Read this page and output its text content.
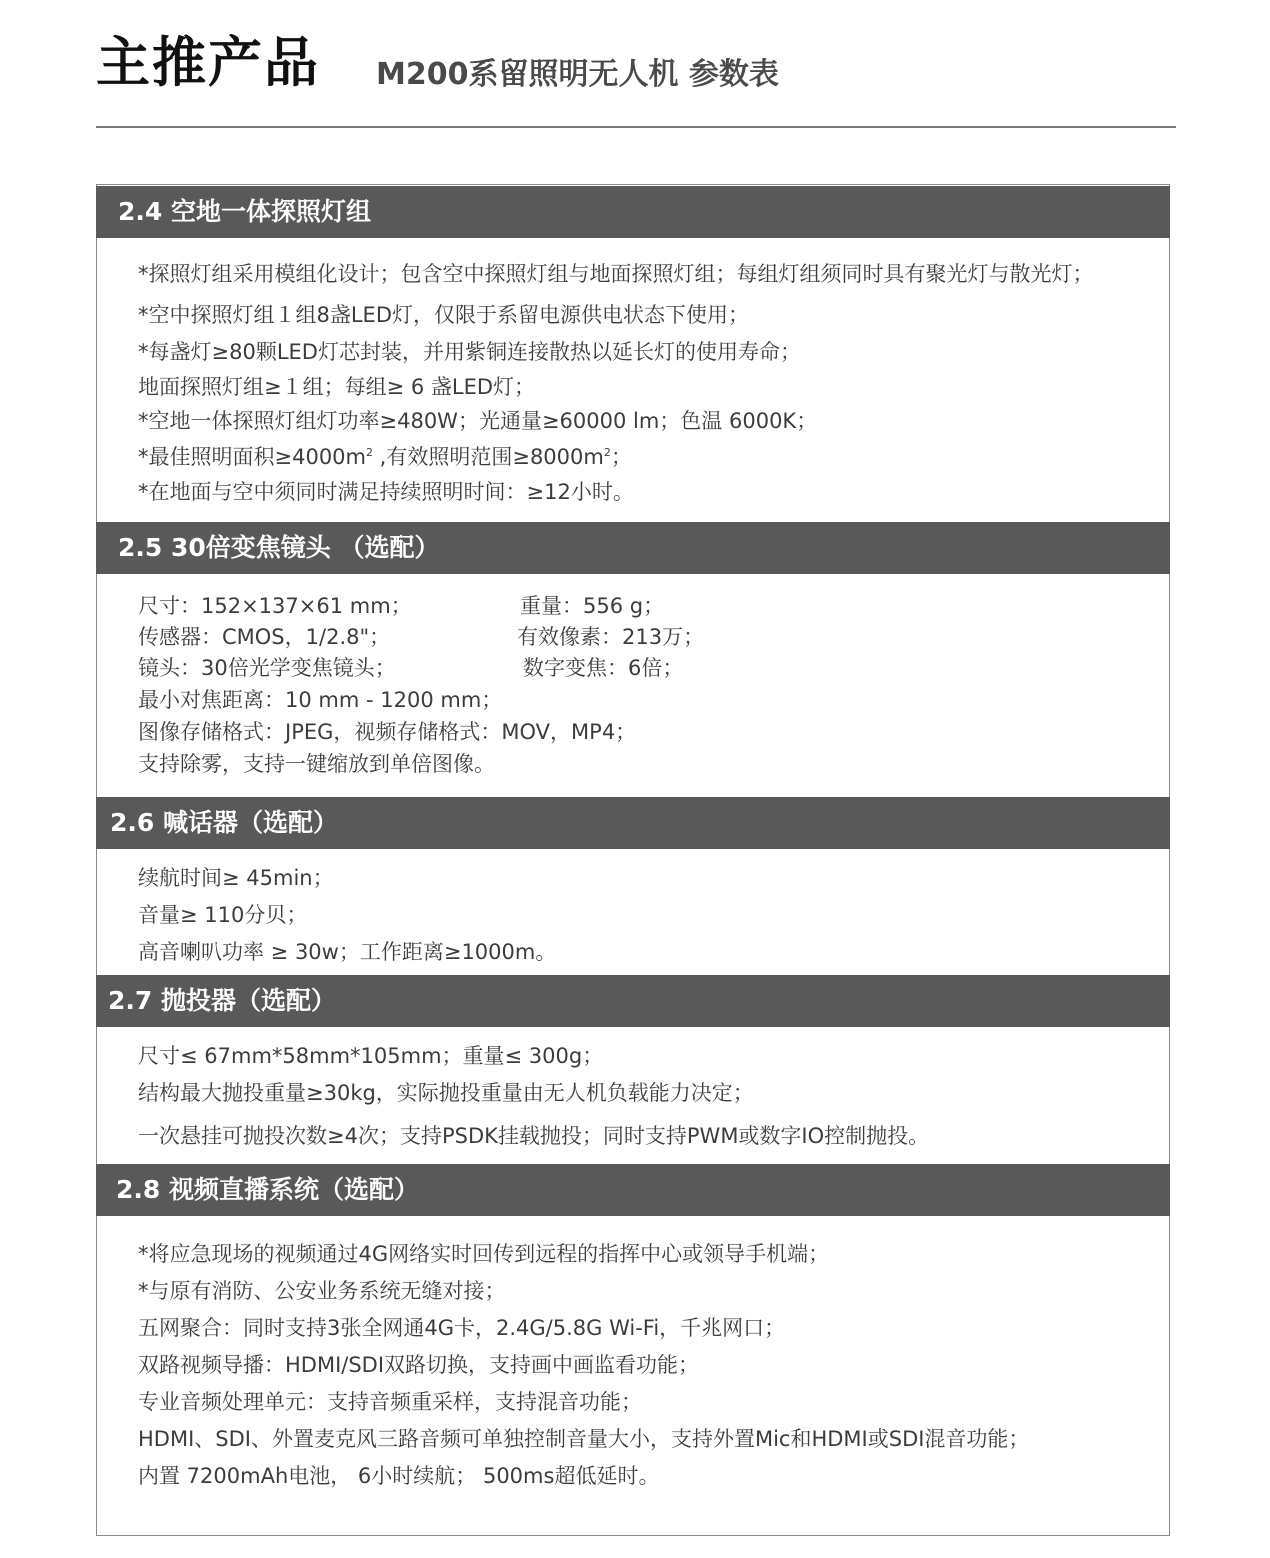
主推产品 M200系留照明无人机 参数表
2.4 空地一体探照灯组
*探照灯组采用模组化设计；包含空中探照灯组与地面探照灯组；每组灯组须同时具有聚光灯与散光灯；
*空中探照灯组１组8盏LED灯，仅限于系留电源供电状态下使用；
*每盏灯≥80颗LED灯芯封装，并用紫铜连接散热以延长灯的使用寿命；
地面探照灯组≥１组；每组≥ 6 盏LED灯；
*空地一体探照灯组灯功率≥480W；光通量≥60000 lm；色温 6000K；
*最佳照明面积$\ge 4000m^2$ ,有效照明范围$\ge 8000m^2$；
*在地面与空中须同时满足持续照明时间：≥12小时。
2.5 30倍变焦镜头 （选配）
尺寸：152×137×61 mm；	重量：556 g；
传感器：CMOS，1/2.8"；	有效像素：213万；
镜头：30倍光学变焦镜头；	数字变焦：6倍；
最小对焦距离：10 mm - 1200 mm；
图像存储格式：JPEG，视频存储格式：MOV，MP4；
支持除雾，支持一键缩放到单倍图像。
2.6 喊话器（选配）
续航时间≥ 45min；
音量≥ 110分贝；
高音喇叭功率 ≥ 30w；工作距离≥1000m。
2.7 抛投器（选配）
尺寸≤ 67mm*58mm*105mm；重量≤ 300g；
结构最大抛投重量≥30kg，实际抛投重量由无人机负载能力决定；
一次悬挂可抛投次数≥4次；支持PSDK挂载抛投；同时支持PWM或数字IO控制抛投。
2.8 视频直播系统（选配）
*将应急现场的视频通过4G网络实时回传到远程的指挥中心或领导手机端；
*与原有消防、公安业务系统无缝对接；
五网聚合：同时支持3张全网通4G卡，2.4G/5.8G Wi-Fi，千兆网口；
双路视频导播：HDMI/SDI双路切换，支持画中画监看功能；
专业音频处理单元：支持音频重采样，支持混音功能；
HDMI、SDI、外置麦克风三路音频可单独控制音量大小，支持外置Mic和HDMI或SDI混音功能；
内置 7200mAh电池， 6小时续航； 500ms超低延时。
